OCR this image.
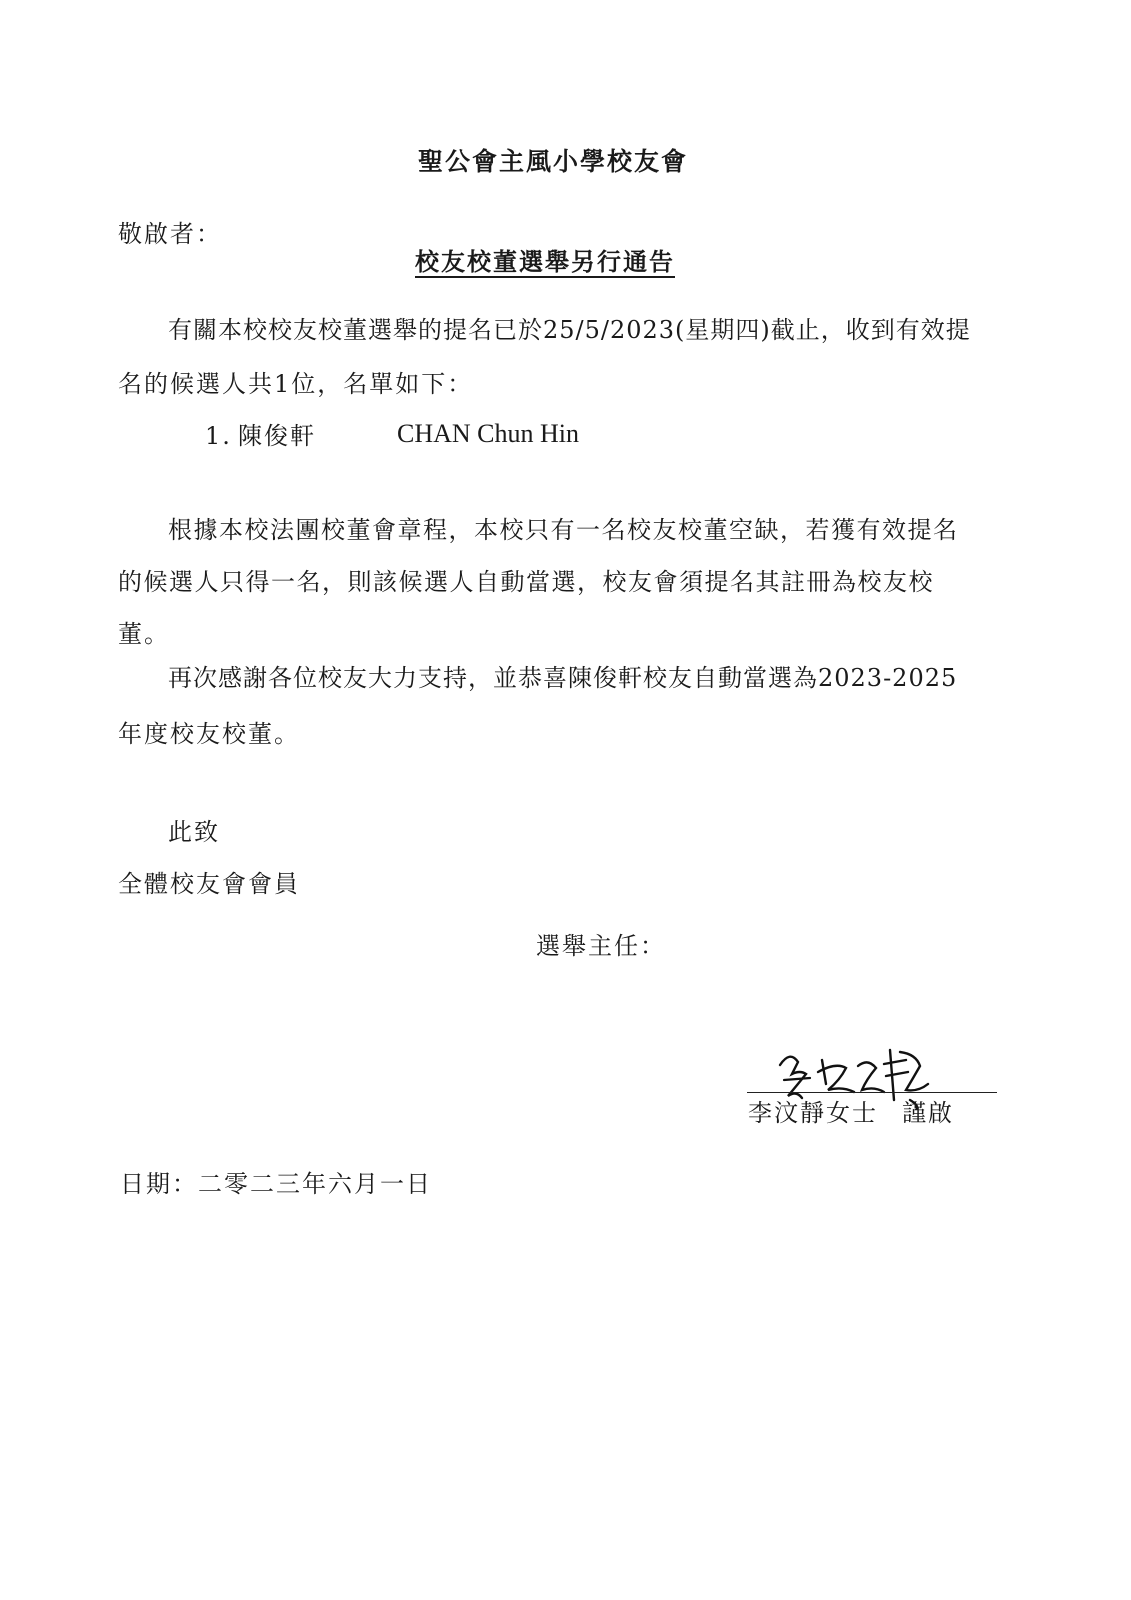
聖公會主風小學校友會
敬啟者：
校友校董選舉另行通告
有關本校校友校董選舉的提名已於25/5/2023(星期四)截止，收到有效提
名的候選人共1位，名單如下：
1. 陳俊軒	CHAN Chun Hin
根據本校法團校董會章程，本校只有一名校友校董空缺，若獲有效提名
的候選人只得一名，則該候選人自動當選，校友會須提名其註冊為校友校
董。
再次感謝各位校友大力支持，並恭喜陳俊軒校友自動當選為2023-2025
年度校友校董。
此致
全體校友會會員
選舉主任：
李汶靜女士 謹啟
日期：二零二三年六月一日
